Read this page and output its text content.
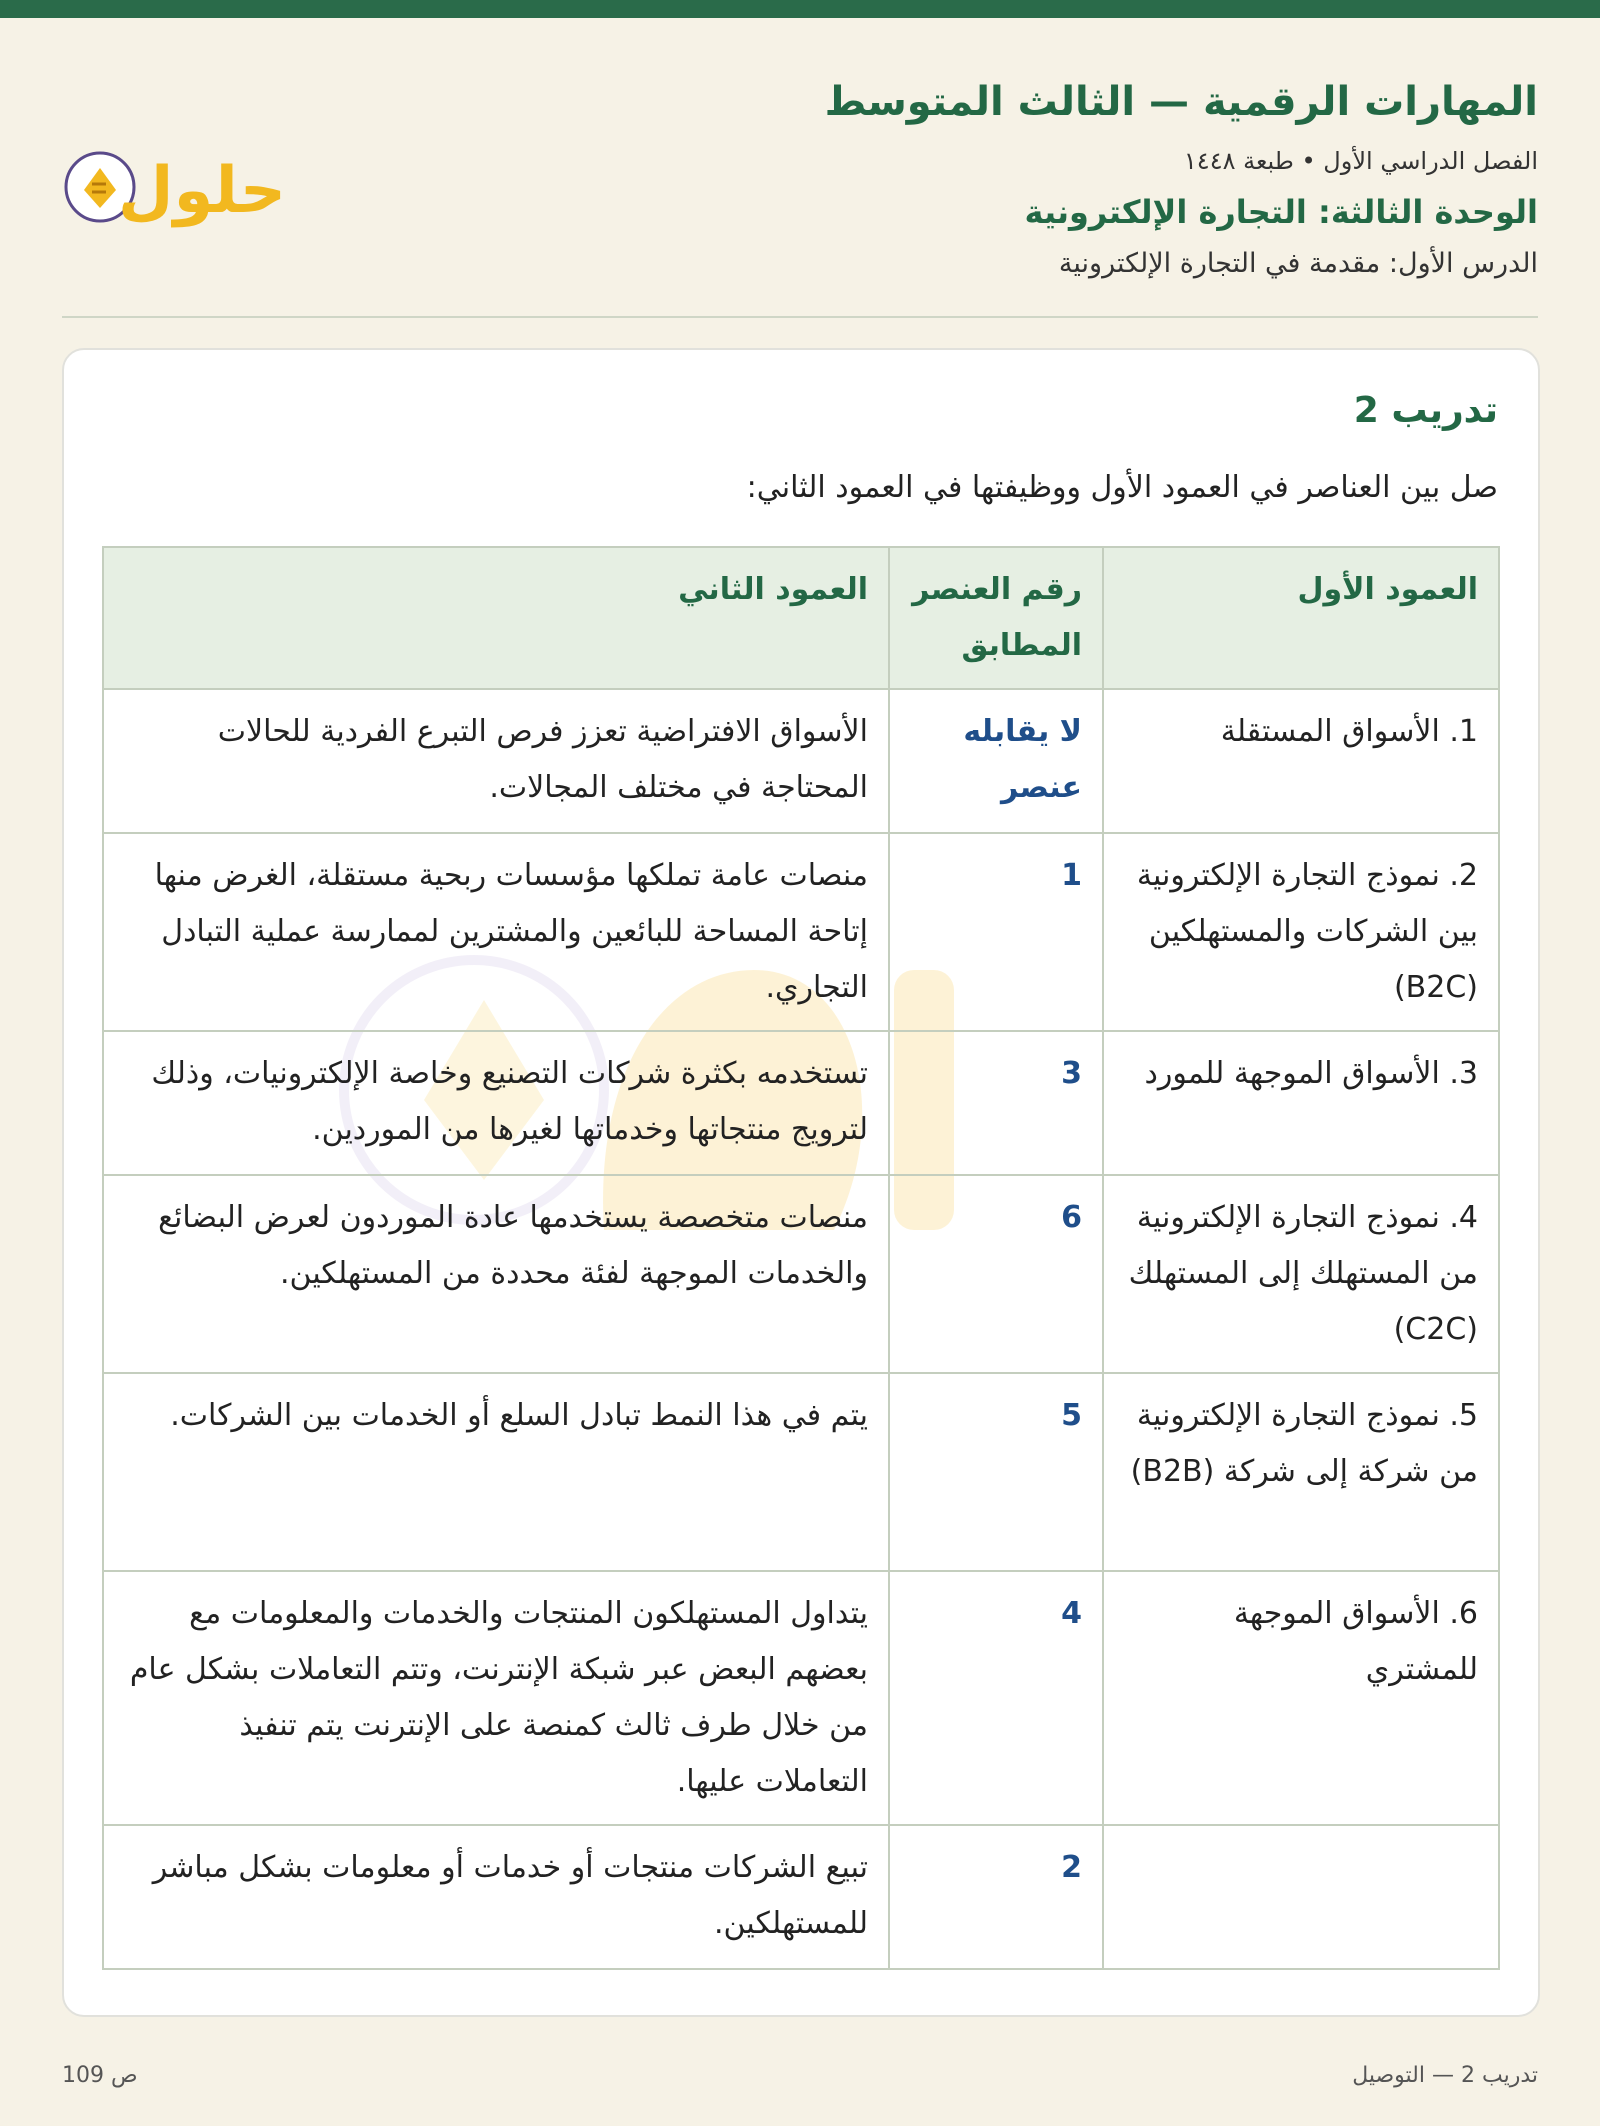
المهارات الرقمية — الثالث المتوسط
الفصل الدراسي الأول • طبعة ١٤٤٨
الوحدة الثالثة: التجارة الإلكترونية
الدرس الأول: مقدمة في التجارة الإلكترونية
حلول
تدريب 2
صل بين العناصر في العمود الأول ووظيفتها في العمود الثاني:
العمود الأول	رقم العنصر المطابق	العمود الثاني
1. الأسواق المستقلة	لا يقابله عنصر	الأسواق الافتراضية تعزز فرص التبرع الفردية للحالات المحتاجة في مختلف المجالات.
2. نموذج التجارة الإلكترونية بين الشركات والمستهلكين (B2C)	1	منصات عامة تملكها مؤسسات ربحية مستقلة، الغرض منها إتاحة المساحة للبائعين والمشترين لممارسة عملية التبادل التجاري.
3. الأسواق الموجهة للمورد	3	تستخدمه بكثرة شركات التصنيع وخاصة الإلكترونيات، وذلك لترويج منتجاتها وخدماتها لغيرها من الموردين.
4. نموذج التجارة الإلكترونية من المستهلك إلى المستهلك (C2C)	6	منصات متخصصة يستخدمها عادة الموردون لعرض البضائع والخدمات الموجهة لفئة محددة من المستهلكين.
5. نموذج التجارة الإلكترونية من شركة إلى شركة (B2B)	5	يتم في هذا النمط تبادل السلع أو الخدمات بين الشركات.
6. الأسواق الموجهة للمشتري	4	يتداول المستهلكون المنتجات والخدمات والمعلومات مع بعضهم البعض عبر شبكة الإنترنت، وتتم التعاملات بشكل عام من خلال طرف ثالث كمنصة على الإنترنت يتم تنفيذ التعاملات عليها.
	2	تبيع الشركات منتجات أو خدمات أو معلومات بشكل مباشر للمستهلكين.
ص 109	تدريب 2 — التوصيل
